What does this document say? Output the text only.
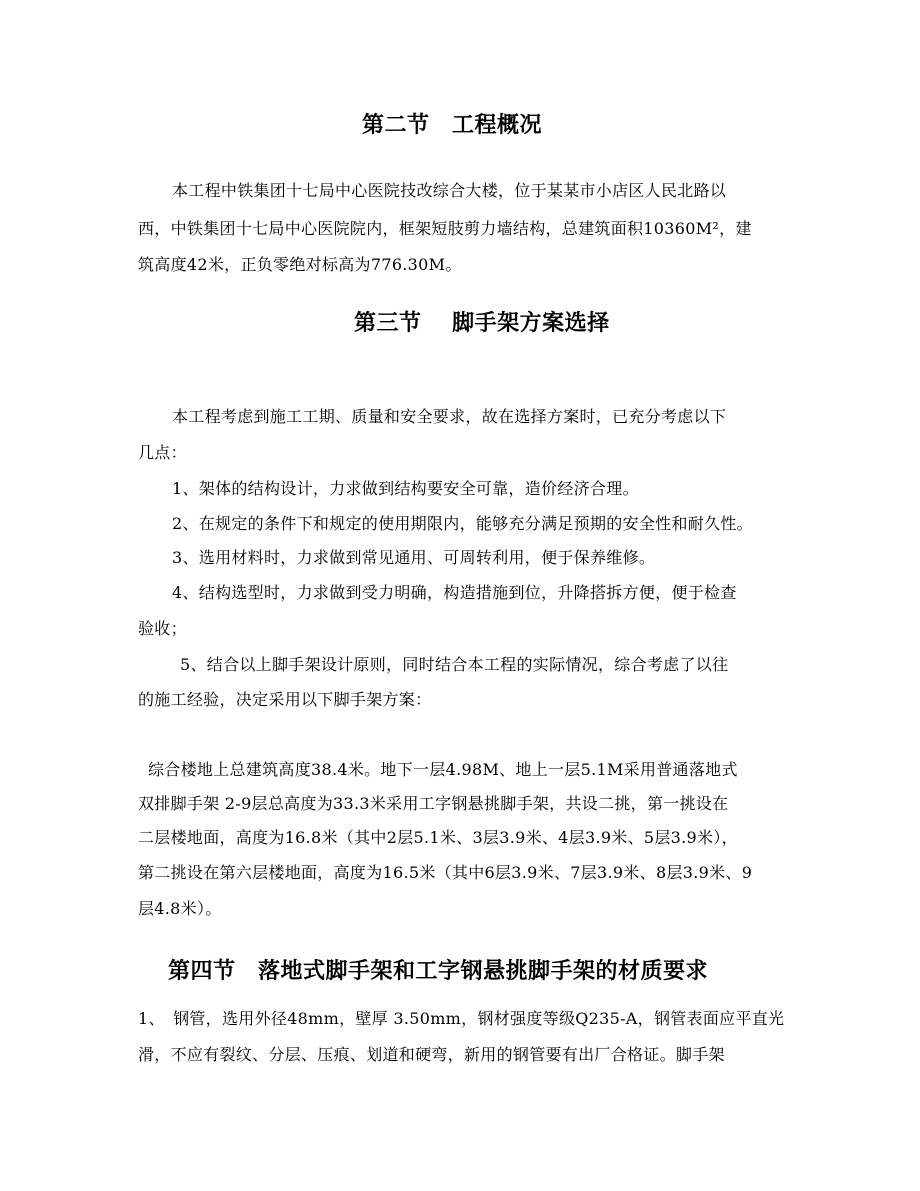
第二节　工程概况
本工程中铁集团十七局中心医院技改综合大楼，位于某某市小店区人民北路以
西，中铁集团十七局中心医院院内，框架短肢剪力墙结构，总建筑面积10360M²，建
筑高度42米，正负零绝对标高为776.30M。
第三节　 脚手架方案选择
本工程考虑到施工工期、质量和安全要求，故在选择方案时，已充分考虑以下
几点：
1、架体的结构设计，力求做到结构要安全可靠，造价经济合理。
2、在规定的条件下和规定的使用期限内，能够充分满足预期的安全性和耐久性。
3、选用材料时，力求做到常见通用、可周转利用，便于保养维修。
4、结构选型时，力求做到受力明确，构造措施到位，升降搭拆方便，便于检查
验收；
5、结合以上脚手架设计原则，同时结合本工程的实际情况，综合考虑了以往
的施工经验，决定采用以下脚手架方案：
综合楼地上总建筑高度38.4米。地下一层4.98M、地上一层5.1M采用普通落地式
双排脚手架 2-9层总高度为33.3米采用工字钢悬挑脚手架，共设二挑，第一挑设在
二层楼地面，高度为16.8米（其中2层5.1米、3层3.9米、4层3.9米、5层3.9米），
第二挑设在第六层楼地面，高度为16.5米（其中6层3.9米、7层3.9米、8层3.9米、9
层4.8米）。
第四节　落地式脚手架和工字钢悬挑脚手架的材质要求
1、　钢管，选用外径48mm，壁厚 3.50mm，钢材强度等级Q235-A，钢管表面应平直光
滑，不应有裂纹、分层、压痕、划道和硬弯，新用的钢管要有出厂合格证。脚手架
